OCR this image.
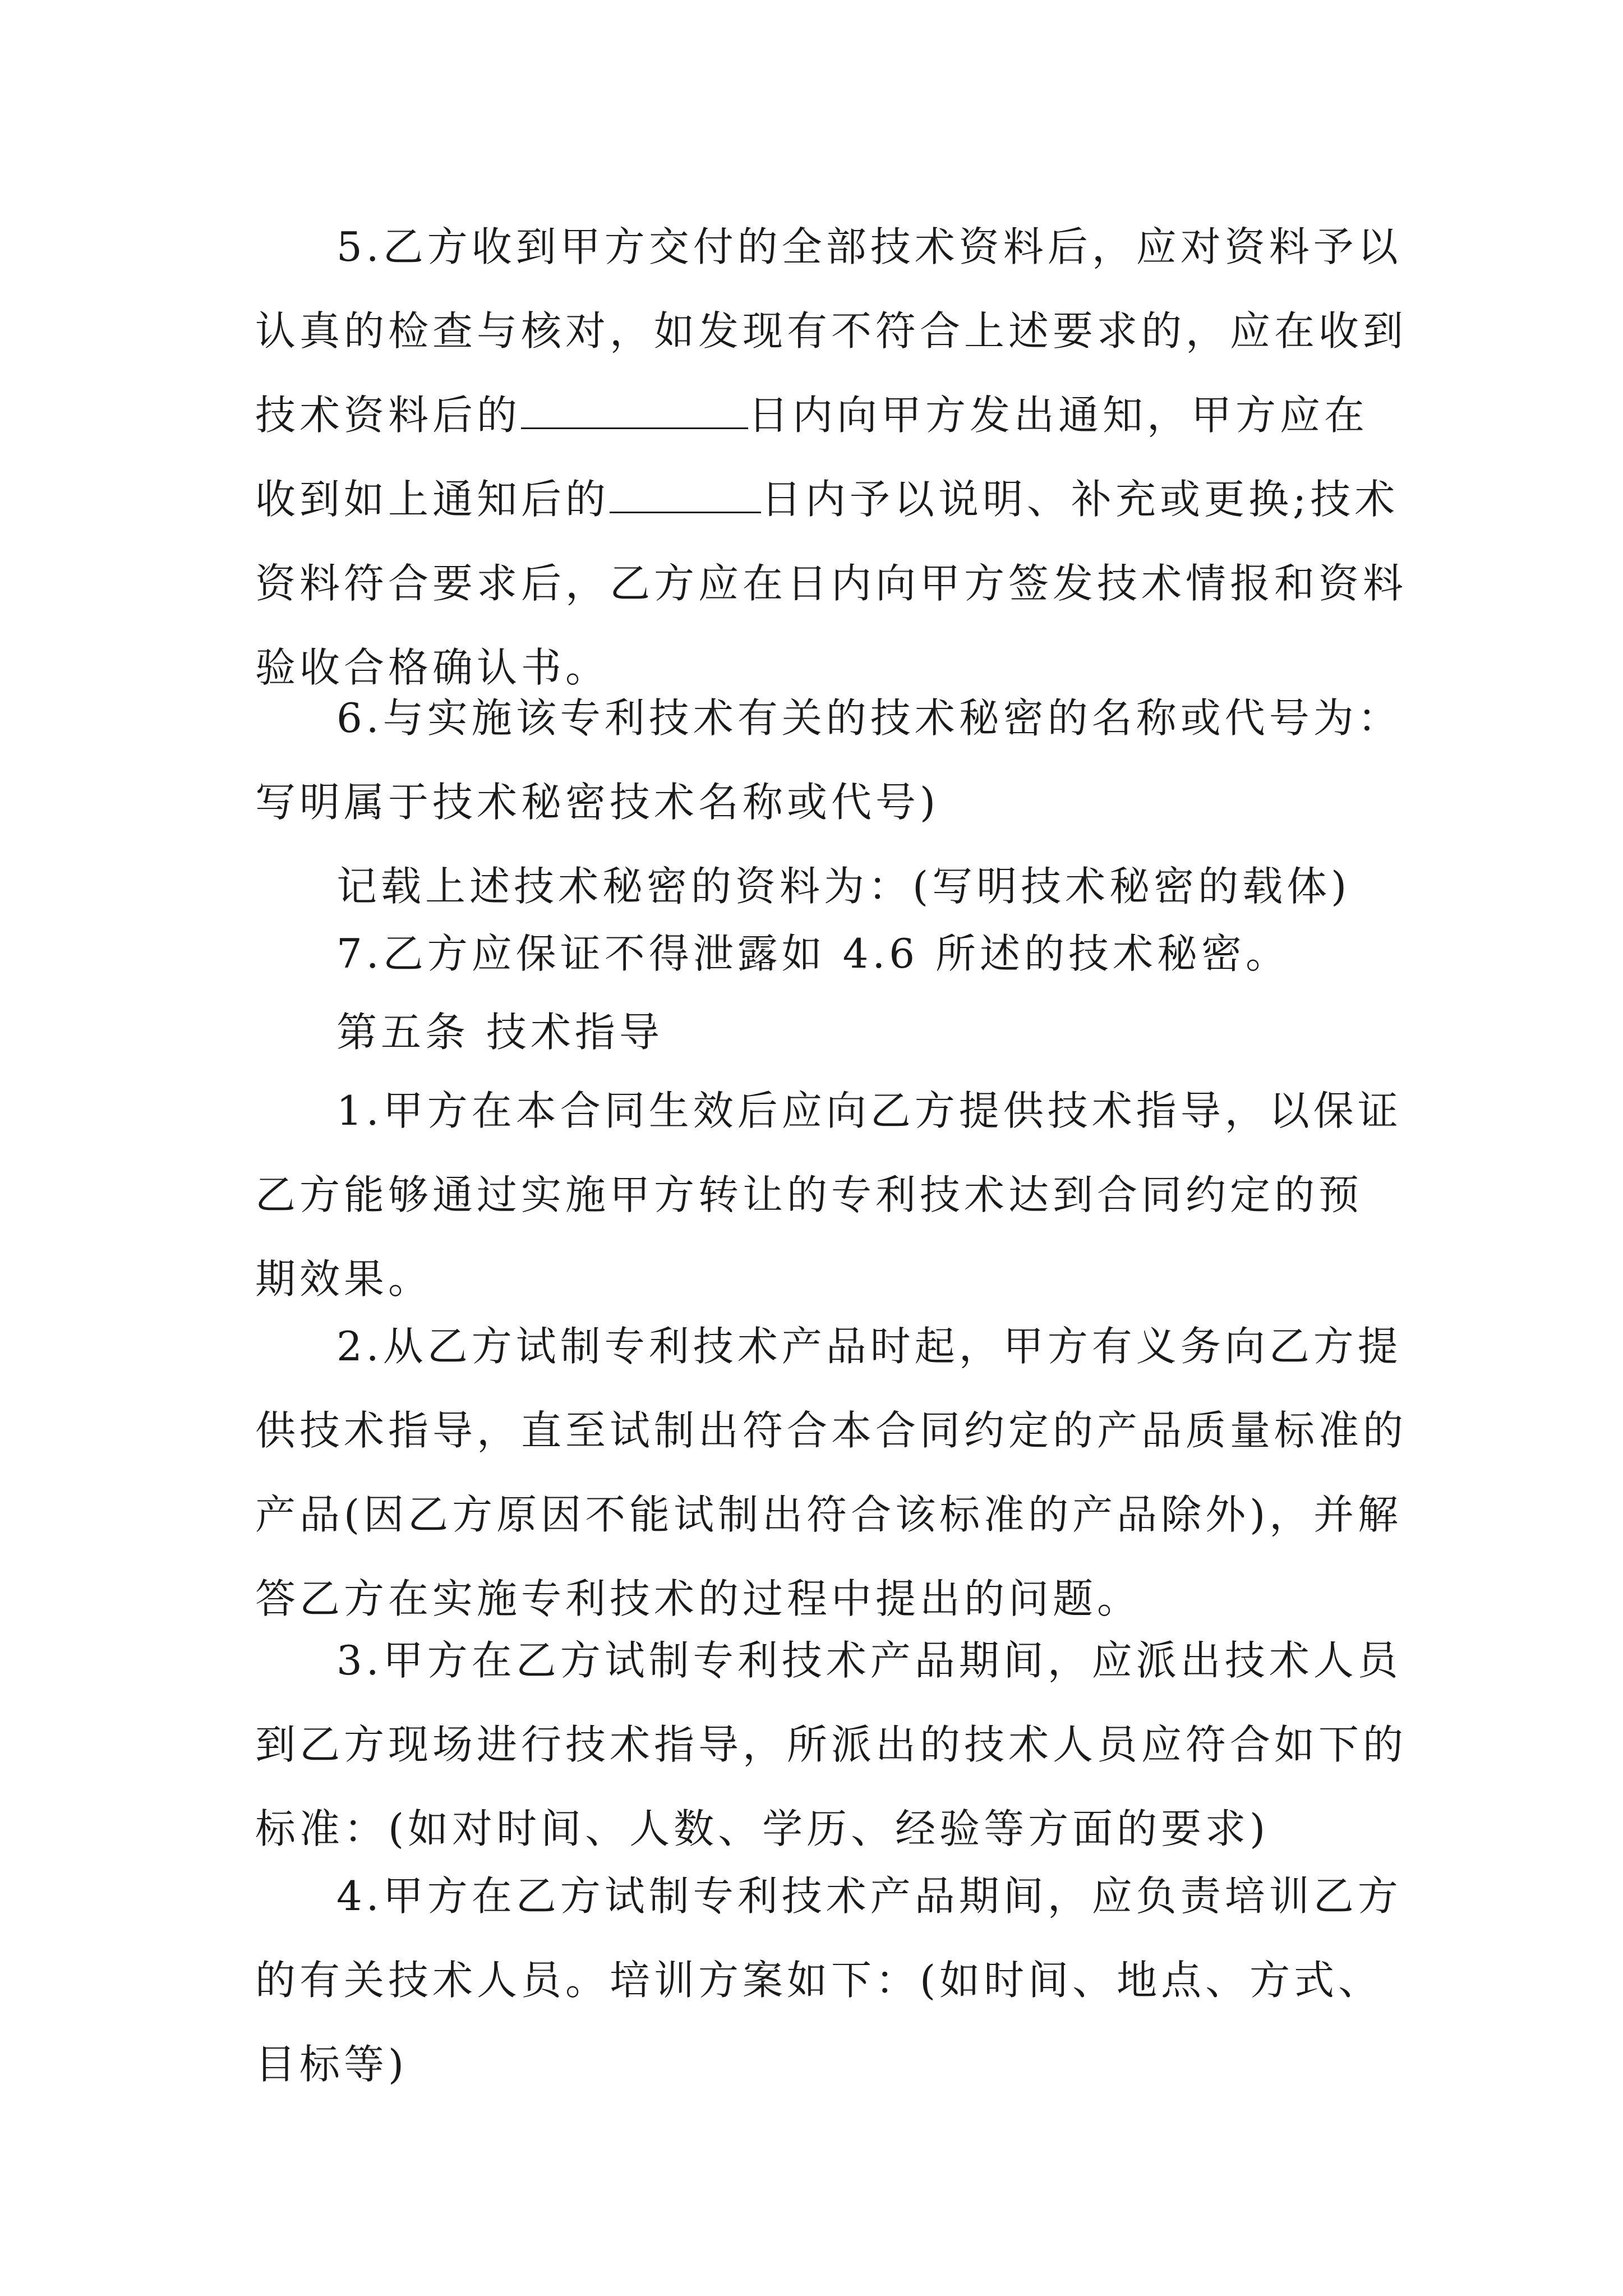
5.乙方收到甲方交付的全部技术资料后，应对资料予以
认真的检查与核对，如发现有不符合上述要求的，应在收到
技术资料后的	日内向甲方发出通知，甲方应在
收到如上通知后的	日内予以说明、补充或更换;技术
资料符合要求后，乙方应在日内向甲方签发技术情报和资料
验收合格确认书。
6.与实施该专利技术有关的技术秘密的名称或代号为：
写明属于技术秘密技术名称或代号)
记载上述技术秘密的资料为：(写明技术秘密的载体)
7.乙方应保证不得泄露如 4.6 所述的技术秘密。
第五条 技术指导
1.甲方在本合同生效后应向乙方提供技术指导，以保证
乙方能够通过实施甲方转让的专利技术达到合同约定的预
期效果。
2.从乙方试制专利技术产品时起，甲方有义务向乙方提
供技术指导，直至试制出符合本合同约定的产品质量标准的
产品(因乙方原因不能试制出符合该标准的产品除外)，并解
答乙方在实施专利技术的过程中提出的问题。
3.甲方在乙方试制专利技术产品期间，应派出技术人员
到乙方现场进行技术指导，所派出的技术人员应符合如下的
标准：(如对时间、人数、学历、经验等方面的要求)
4.甲方在乙方试制专利技术产品期间，应负责培训乙方
的有关技术人员。培训方案如下：(如时间、地点、方式、
目标等)
